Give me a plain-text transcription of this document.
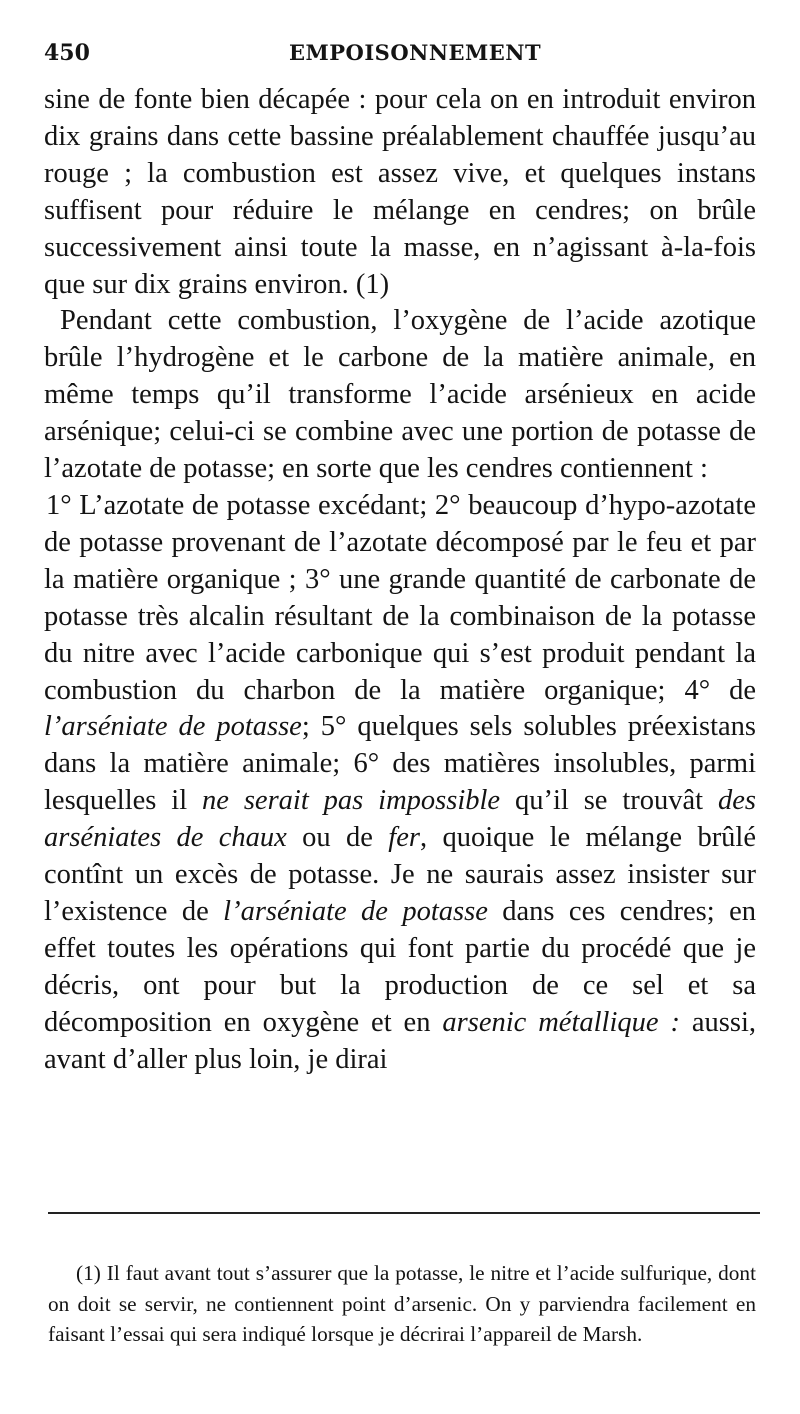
450	EMPOISONNEMENT

sine de fonte bien décapée : pour cela on en introduit environ dix grains dans cette bassine préalablement chauffée jusqu’au rouge ; la combustion est assez vive, et quelques instans suffisent pour réduire le mélange en cendres; on brûle successivement ainsi toute la masse, en n’agissant à-la-fois que sur dix grains environ. (1)

Pendant cette combustion, l’oxygène de l’acide azotique brûle l’hydrogène et le carbone de la matière animale, en même temps qu’il transforme l’acide arsénieux en acide arsénique; celui-ci se combine avec une portion de potasse de l’azotate de potasse; en sorte que les cendres contiennent :

1° L’azotate de potasse excédant; 2° beaucoup d’hypo-azotate de potasse provenant de l’azotate décomposé par le feu et par la matière organique ; 3° une grande quantité de carbonate de potasse très alcalin résultant de la combinaison de la potasse du nitre avec l’acide carbonique qui s’est produit pendant la combustion du charbon de la matière organique; 4° de l’arséniate de potasse; 5° quelques sels solubles préexistans dans la matière animale; 6° des matières insolubles, parmi lesquelles il ne serait pas impossible qu’il se trouvât des arséniates de chaux ou de fer, quoique le mélange brûlé contînt un excès de potasse. Je ne saurais assez insister sur l’existence de l’arséniate de potasse dans ces cendres; en effet toutes les opérations qui font partie du procédé que je décris, ont pour but la production de ce sel et sa décomposition en oxygène et en arsenic métallique : aussi, avant d’aller plus loin, je dirai

(1) Il faut avant tout s’assurer que la potasse, le nitre et l’acide sulfurique, dont on doit se servir, ne contiennent point d’arsenic. On y parviendra facilement en faisant l’essai qui sera indiqué lorsque je décrirai l’appareil de Marsh.
